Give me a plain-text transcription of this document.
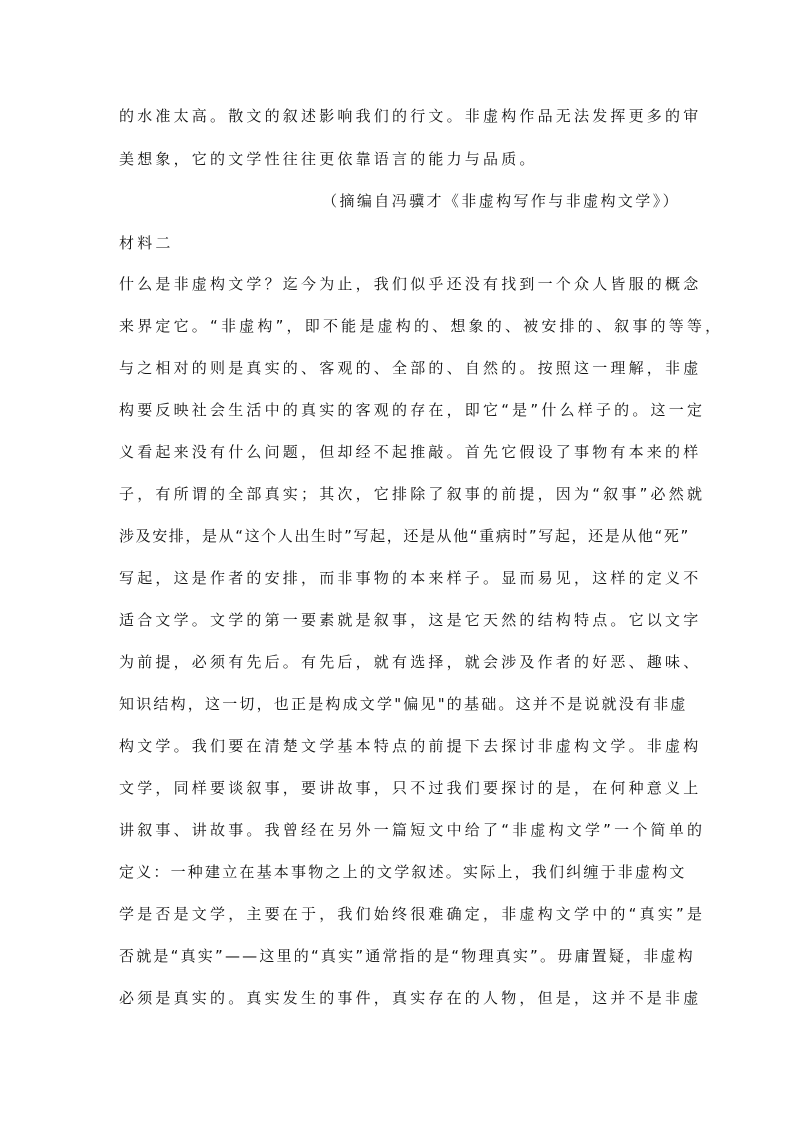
的水准太高。散文的叙述影响我们的行文。非虚构作品无法发挥更多的审
美想象，它的文学性往往更依靠语言的能力与品质。
（摘编自冯骥才《非虚构写作与非虚构文学》）
材料二
什么是非虚构文学？迄今为止，我们似乎还没有找到一个众人皆服的概念
来界定它。“非虚构”，即不能是虚构的、想象的、被安排的、叙事的等等，
与之相对的则是真实的、客观的、全部的、自然的。按照这一理解，非虚
构要反映社会生活中的真实的客观的存在，即它“是”什么样子的。这一定
义看起来没有什么问题，但却经不起推敲。首先它假设了事物有本来的样
子，有所谓的全部真实；其次，它排除了叙事的前提，因为“叙事”必然就
涉及安排，是从“这个人出生时”写起，还是从他“重病时”写起，还是从他“死”
写起，这是作者的安排，而非事物的本来样子。显而易见，这样的定义不
适合文学。文学的第一要素就是叙事，这是它天然的结构特点。它以文字
为前提，必须有先后。有先后，就有选择，就会涉及作者的好恶、趣味、
知识结构，这一切，也正是构成文学"偏见"的基础。这并不是说就没有非虚
构文学。我们要在清楚文学基本特点的前提下去探讨非虚构文学。非虚构
文学，同样要谈叙事，要讲故事，只不过我们要探讨的是，在何种意义上
讲叙事、讲故事。我曾经在另外一篇短文中给了“非虚构文学”一个简单的
定义：一种建立在基本事物之上的文学叙述。实际上，我们纠缠于非虚构文
学是否是文学，主要在于，我们始终很难确定，非虚构文学中的“真实”是
否就是“真实”——这里的“真实”通常指的是“物理真实”。毋庸置疑，非虚构
必须是真实的。真实发生的事件，真实存在的人物，但是，这并不是非虚
